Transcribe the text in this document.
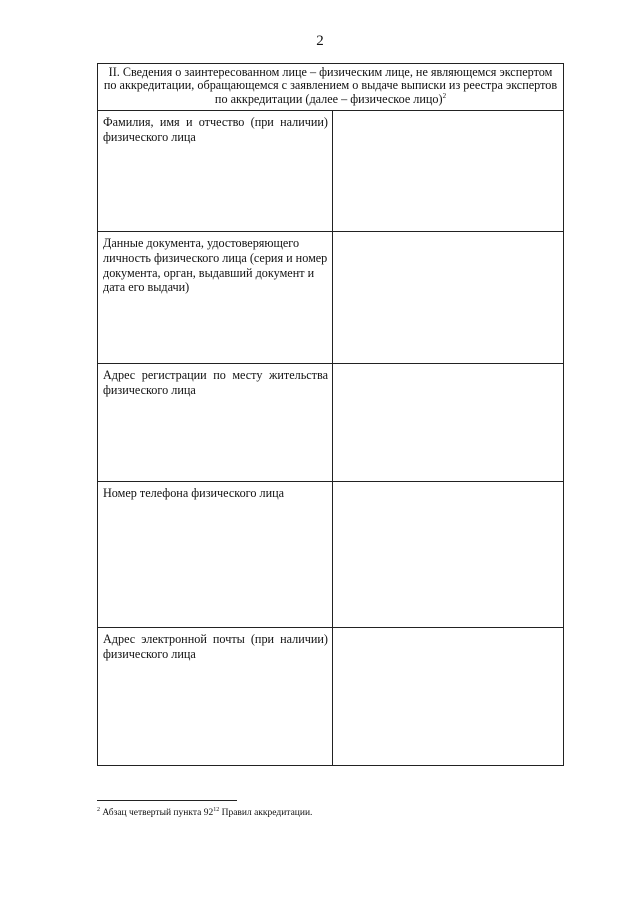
2
II. Сведения о заинтересованном лице – физическим лице, не являющемся экспертом по аккредитации, обращающемся с заявлением о выдаче выписки из реестра экспертов по аккредитации (далее – физическое лицо)$^2$
Фамилия, имя и отчество (при наличии) физического лица
Данные документа, удостоверяющего личность физического лица (серия и номер документа, орган, выдавший документ и дата его выдачи)
Адрес регистрации по месту жительства физического лица
Номер телефона физического лица
Адрес электронной почты (при наличии) физического лица
$^2$ Абзац четвертый пункта $92^{12}$ Правил аккредитации.
